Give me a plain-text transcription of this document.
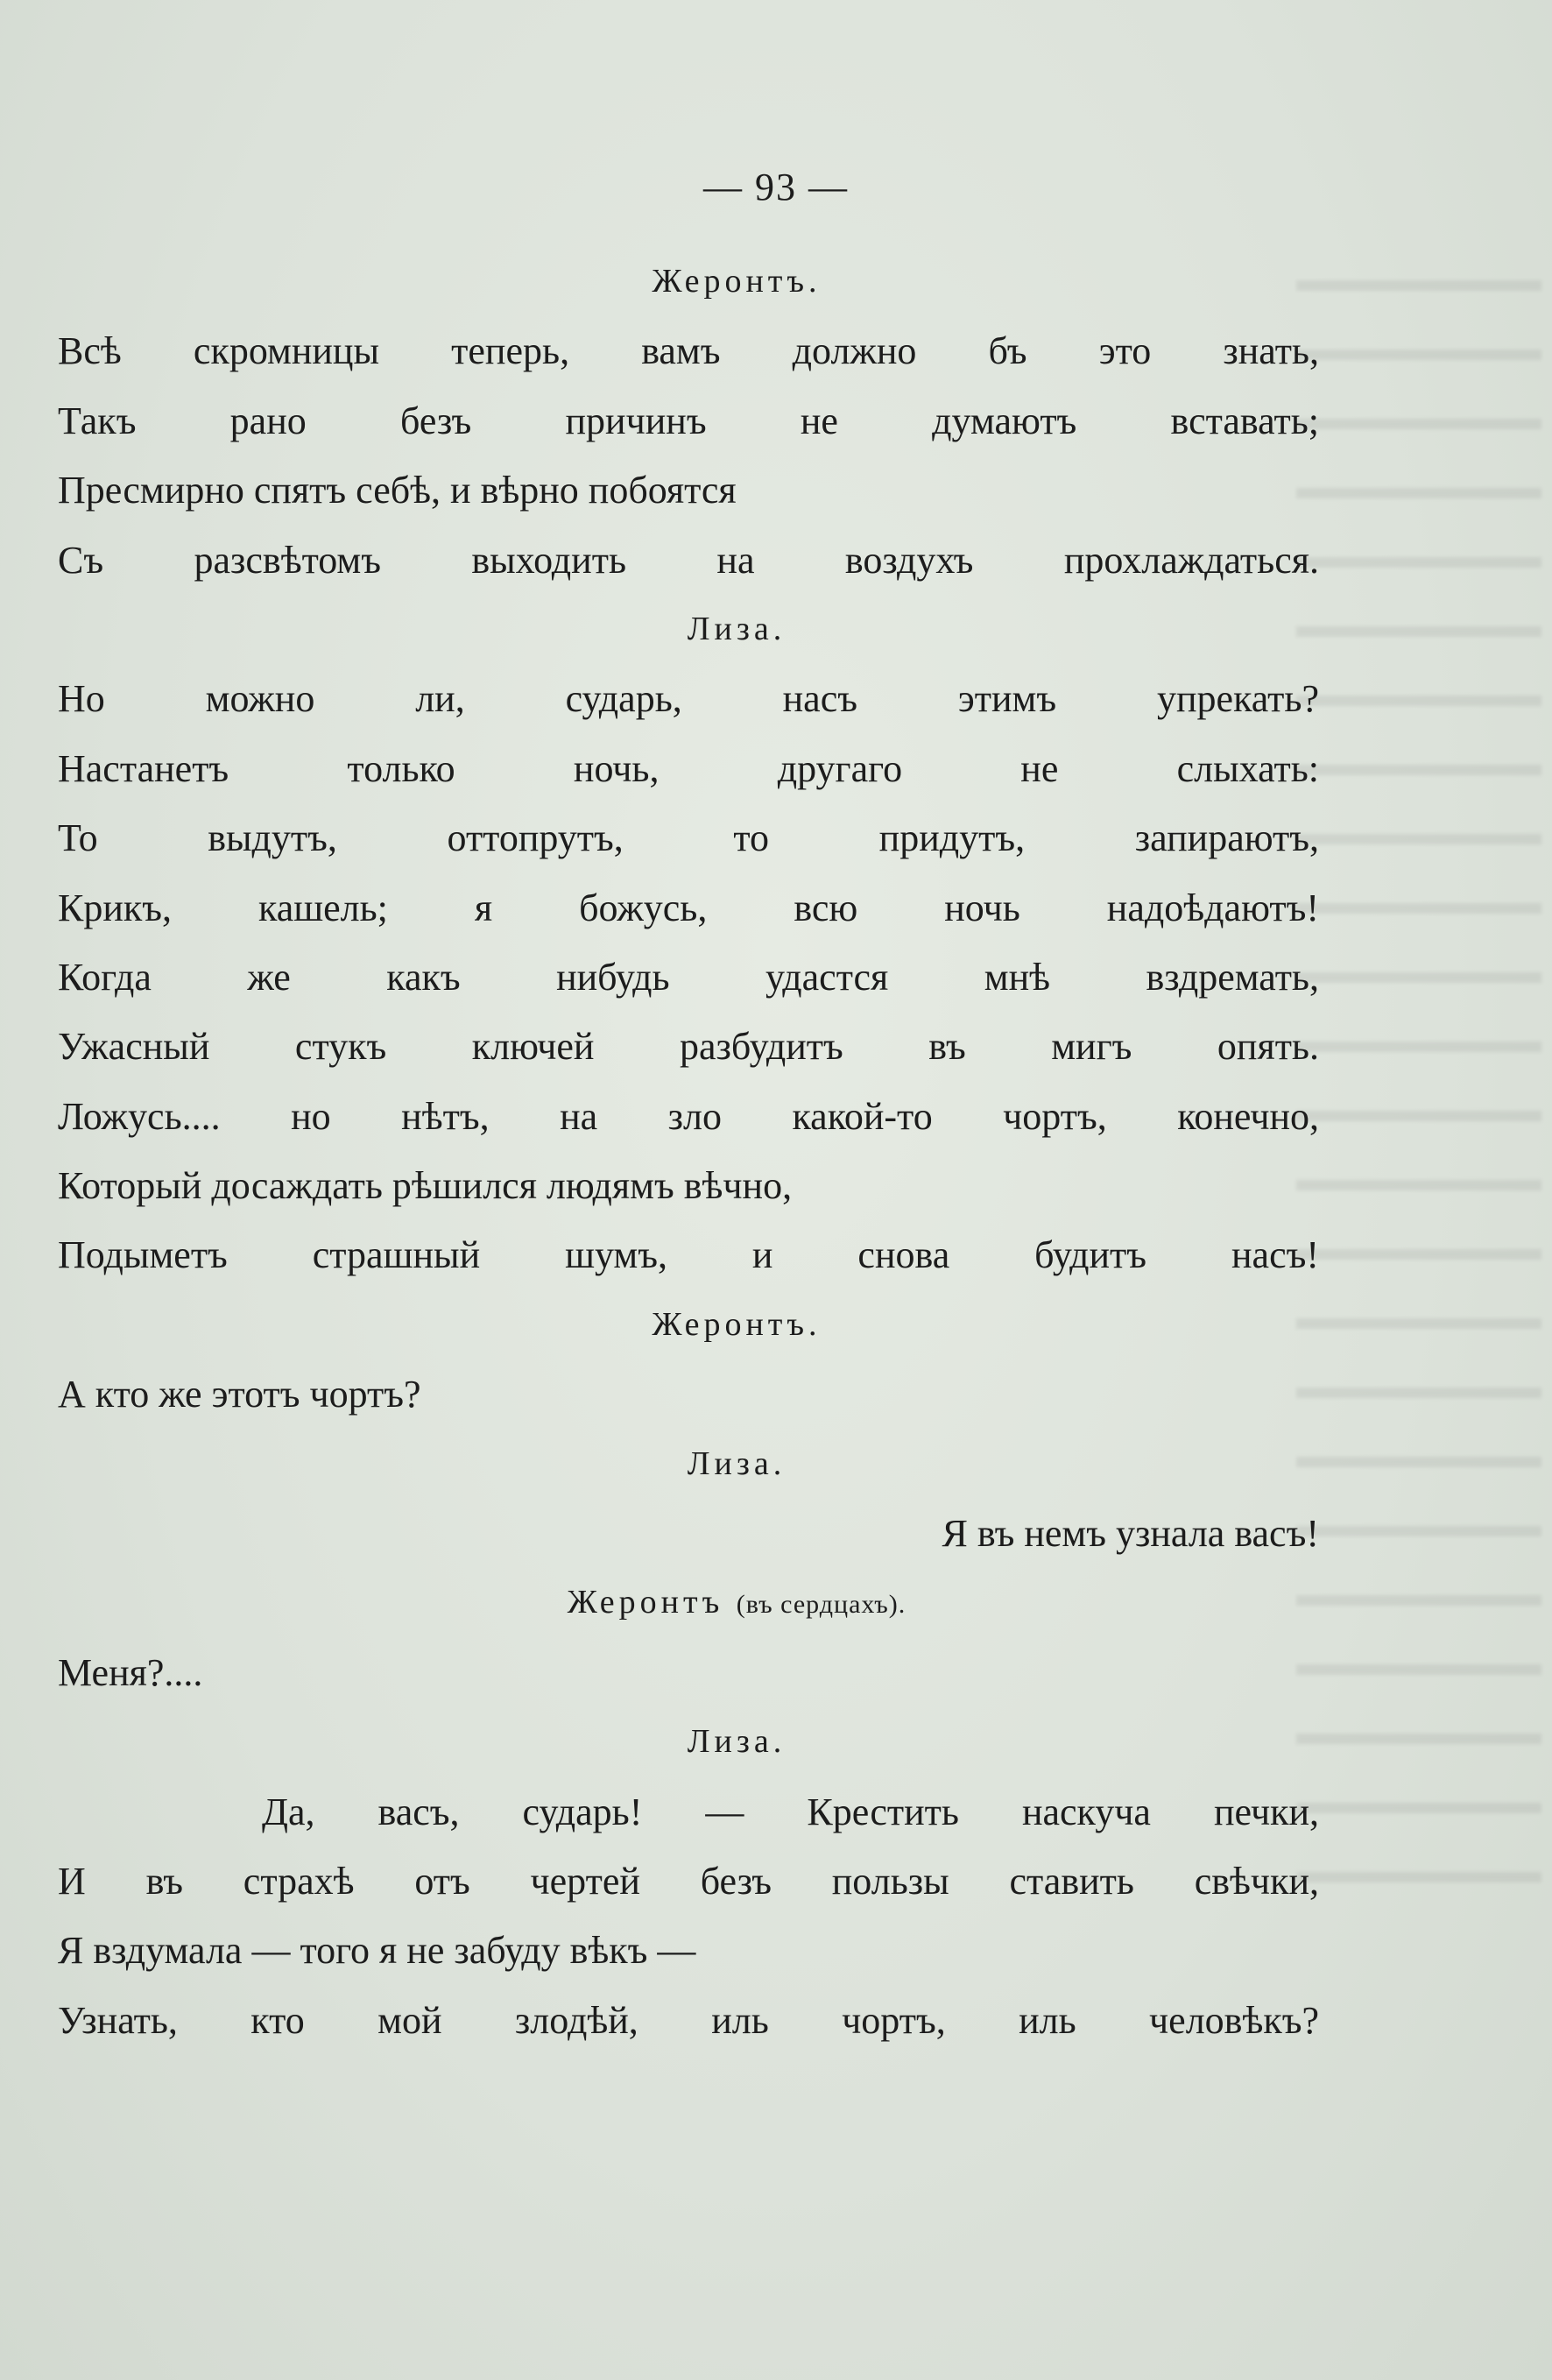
— 93 —
Жеронтъ.
Всѣ скромницы теперь, вамъ должно бъ это знать,
Такъ рано безъ причинъ не думаютъ вставать;
Пресмирно спятъ себѣ, и вѣрно побоятся
Съ разсвѣтомъ выходить на воздухъ прохлаждаться.
Лиза.
Но можно ли, сударь, насъ этимъ упрекать?
Настанетъ только ночь, другаго не слыхать:
То выдутъ, оттопрутъ, то придутъ, запираютъ,
Крикъ, кашель; я божусь, всю ночь надоѣдаютъ!
Когда же какъ нибудь удастся мнѣ вздремать,
Ужасный стукъ ключей разбудитъ въ мигъ опять.
Ложусь.... но нѣтъ, на зло какой-то чортъ, конечно,
Который досаждать рѣшился людямъ вѣчно,
Подыметъ страшный шумъ, и снова будитъ насъ!
Жеронтъ.
А кто же этотъ чортъ?
Лиза.
Я въ немъ узнала васъ!
Жеронтъ (въ сердцахъ).
Меня?....
Лиза.
Да, васъ, сударь! — Крестить наскуча печки,
И въ страхѣ отъ чертей безъ пользы ставить свѣчки,
Я вздумала — того я не забуду вѣкъ —
Узнать, кто мой злодѣй, иль чортъ, иль человѣкъ?
